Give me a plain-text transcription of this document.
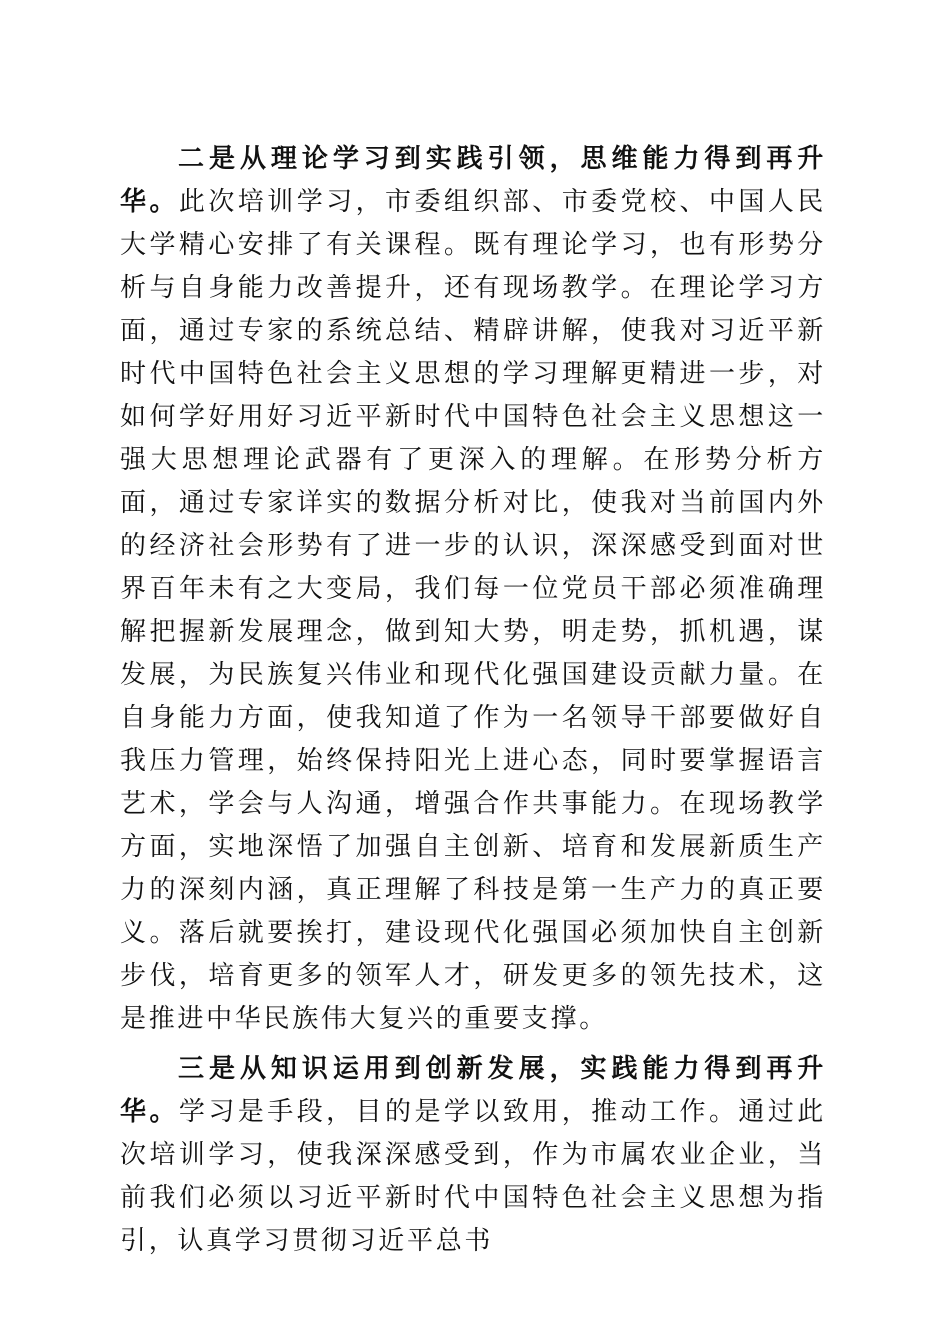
二是从理论学习到实践引领，思维能力得到再升华。此次培训学习，市委组织部、市委党校、中国人民大学精心安排了有关课程。既有理论学习，也有形势分析与自身能力改善提升，还有现场教学。在理论学习方面，通过专家的系统总结、精辟讲解，使我对习近平新时代中国特色社会主义思想的学习理解更精进一步，对如何学好用好习近平新时代中国特色社会主义思想这一强大思想理论武器有了更深入的理解。在形势分析方面，通过专家详实的数据分析对比，使我对当前国内外的经济社会形势有了进一步的认识，深深感受到面对世界百年未有之大变局，我们每一位党员干部必须准确理解把握新发展理念，做到知大势，明走势，抓机遇，谋发展，为民族复兴伟业和现代化强国建设贡献力量。在自身能力方面，使我知道了作为一名领导干部要做好自我压力管理，始终保持阳光上进心态，同时要掌握语言艺术，学会与人沟通，增强合作共事能力。在现场教学方面，实地深悟了加强自主创新、培育和发展新质生产力的深刻内涵，真正理解了科技是第一生产力的真正要义。落后就要挨打，建设现代化强国必须加快自主创新步伐，培育更多的领军人才，研发更多的领先技术，这是推进中华民族伟大复兴的重要支撑。

三是从知识运用到创新发展，实践能力得到再升华。学习是手段，目的是学以致用，推动工作。通过此次培训学习，使我深深感受到，作为市属农业企业，当前我们必须以习近平新时代中国特色社会主义思想为指引，认真学习贯彻习近平总书
